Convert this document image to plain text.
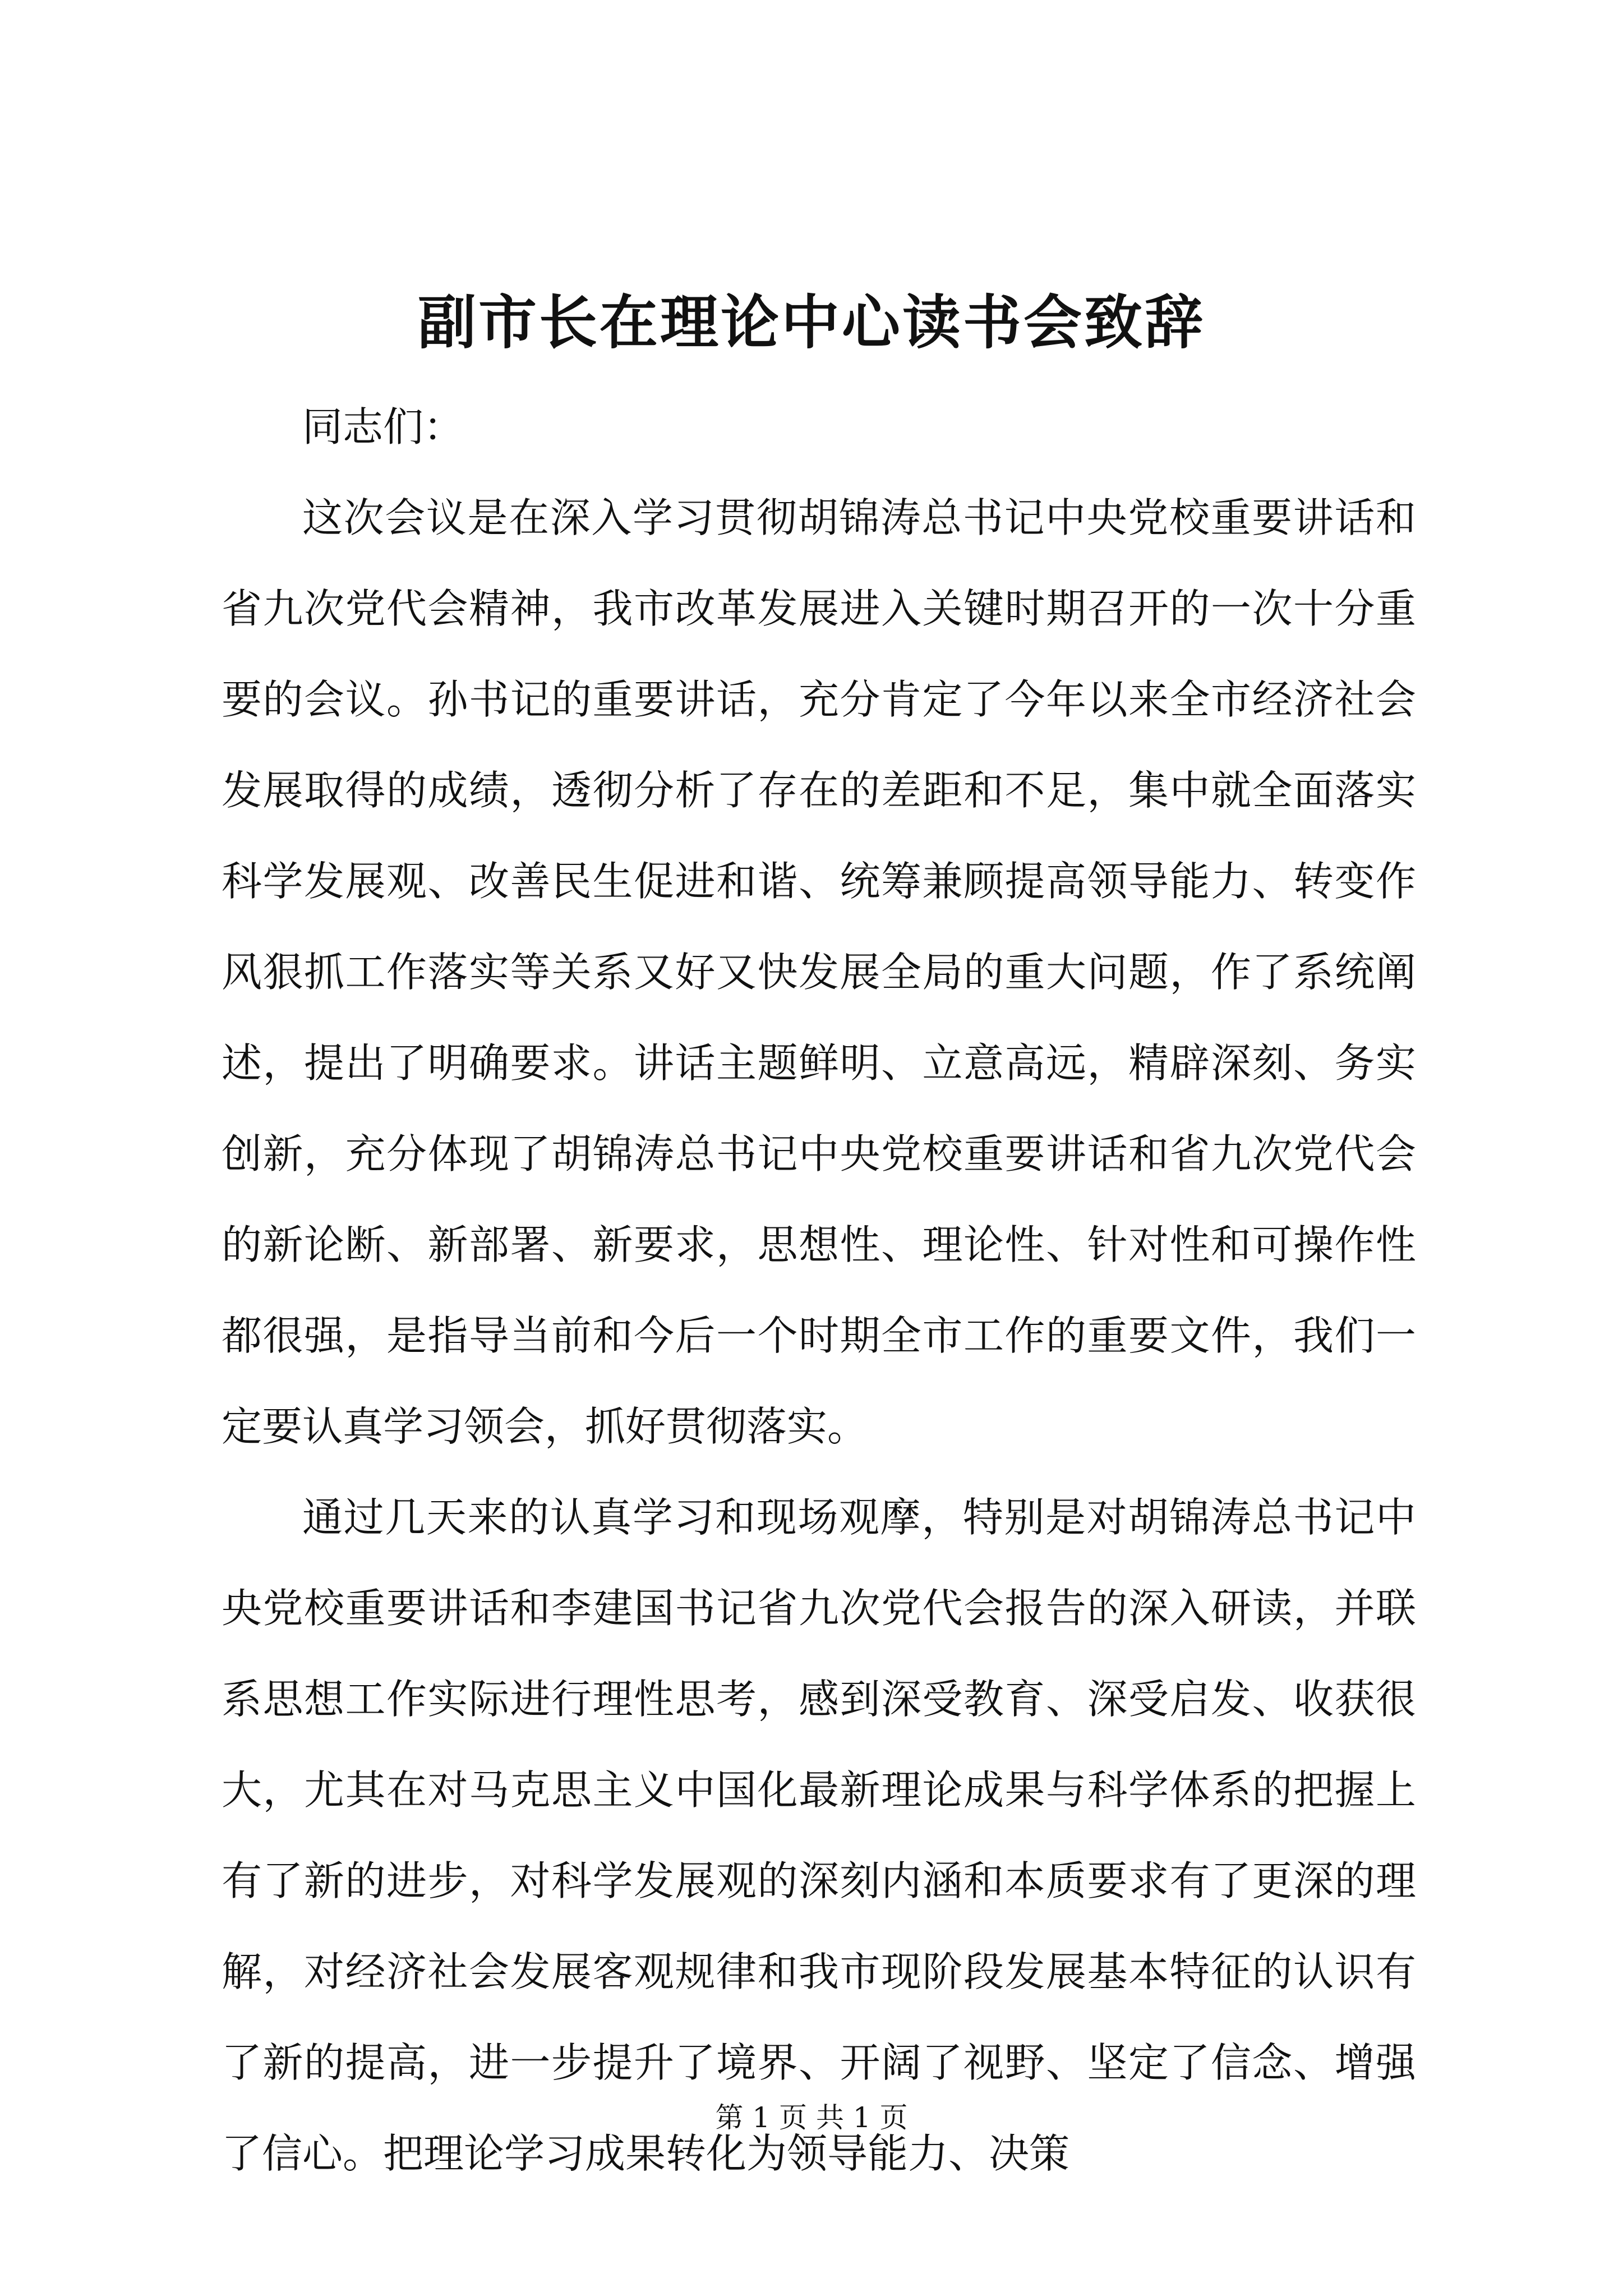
副市长在理论中心读书会致辞

同志们：

这次会议是在深入学习贯彻胡锦涛总书记中央党校重要讲话和省九次党代会精神，我市改革发展进入关键时期召开的一次十分重要的会议。孙书记的重要讲话，充分肯定了今年以来全市经济社会发展取得的成绩，透彻分析了存在的差距和不足，集中就全面落实科学发展观、改善民生促进和谐、统筹兼顾提高领导能力、转变作风狠抓工作落实等关系又好又快发展全局的重大问题，作了系统阐述，提出了明确要求。讲话主题鲜明、立意高远，精辟深刻、务实创新，充分体现了胡锦涛总书记中央党校重要讲话和省九次党代会的新论断、新部署、新要求，思想性、理论性、针对性和可操作性都很强，是指导当前和今后一个时期全市工作的重要文件，我们一定要认真学习领会，抓好贯彻落实。

通过几天来的认真学习和现场观摩，特别是对胡锦涛总书记中央党校重要讲话和李建国书记省九次党代会报告的深入研读，并联系思想工作实际进行理性思考，感到深受教育、深受启发、收获很大，尤其在对马克思主义中国化最新理论成果与科学体系的把握上有了新的进步，对科学发展观的深刻内涵和本质要求有了更深的理解，对经济社会发展客观规律和我市现阶段发展基本特征的认识有了新的提高，进一步提升了境界、开阔了视野、坚定了信念、增强了信心。把理论学习成果转化为领导能力、决策

第 1 页 共 1 页
